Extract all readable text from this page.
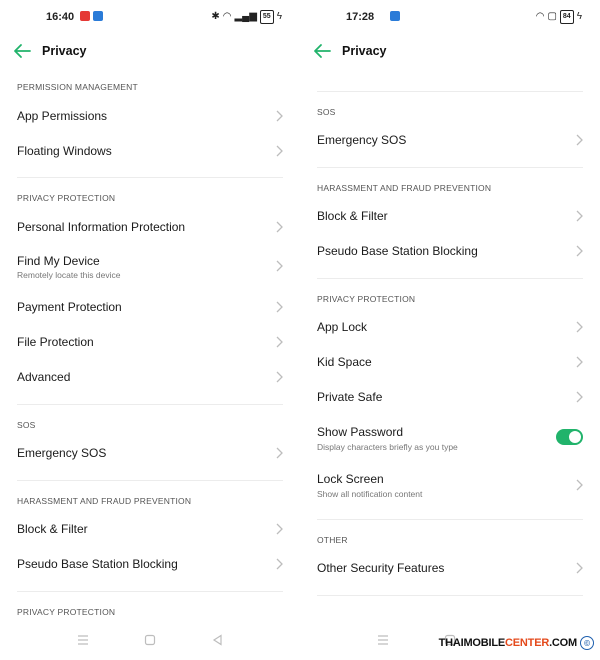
16:40	✱ ◠ ▂▄▆ 55 ϟ
Privacy
PERMISSION MANAGEMENT
App Permissions
Floating Windows
PRIVACY PROTECTION
Personal Information Protection
Find My Device
Remotely locate this device
Payment Protection
File Protection
Advanced
SOS
Emergency SOS
HARASSMENT AND FRAUD PREVENTION
Block & Filter
Pseudo Base Station Blocking
PRIVACY PROTECTION
17:28	◠ ▢ 84 ϟ
Privacy
SOS
Emergency SOS
HARASSMENT AND FRAUD PREVENTION
Block & Filter
Pseudo Base Station Blocking
PRIVACY PROTECTION
App Lock
Kid Space
Private Safe
Show Password
Display characters briefly as you type
Lock Screen
Show all notification content
OTHER
Other Security Features
THAIMOBILE CENTER .COM ©
